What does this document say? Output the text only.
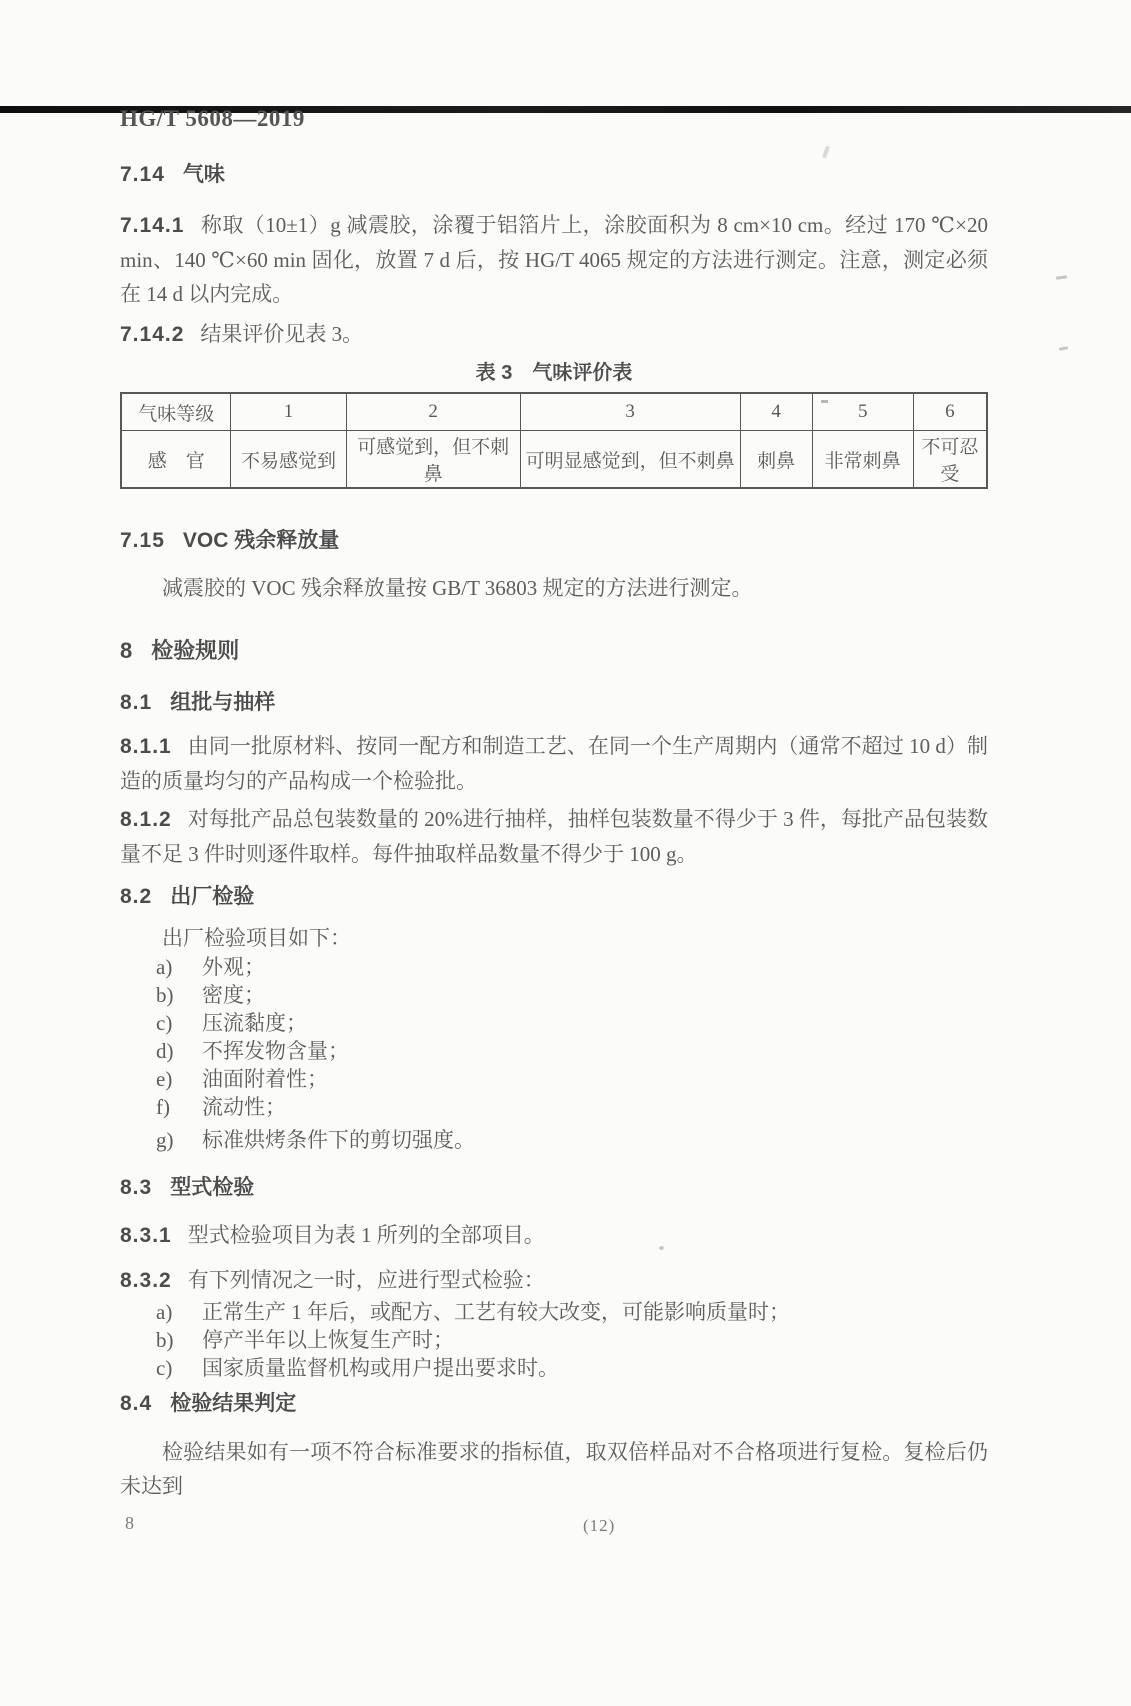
HG/T 5608—2019
7.14 气味

7.14.1 称取（10±1）g 减震胶，涂覆于铝箔片上，涂胶面积为 8 cm×10 cm。经过 170 ℃×20 min、140 ℃×60 min 固化，放置 7 d 后，按 HG/T 4065 规定的方法进行测定。注意，测定必须在 14 d 以内完成。

7.14.2 结果评价见表 3。

表 3　气味评价表
气味等级	1	2	3	4	5	6
感　官	不易感觉到	可感觉到，但不刺鼻	可明显感觉到，但不刺鼻	刺鼻	非常刺鼻	不可忍受
7.15 VOC 残余释放量

减震胶的 VOC 残余释放量按 GB/T 36803 规定的方法进行测定。

8 检验规则
8.1 组批与抽样

8.1.1 由同一批原材料、按同一配方和制造工艺、在同一个生产周期内（通常不超过 10 d）制造的质量均匀的产品构成一个检验批。

8.1.2 对每批产品总包装数量的 20%进行抽样，抽样包装数量不得少于 3 件，每批产品包装数量不足 3 件时则逐件取样。每件抽取样品数量不得少于 100 g。

8.2 出厂检验

出厂检验项目如下：

a) 外观；
b) 密度；
c) 压流黏度；
d) 不挥发物含量；
e) 油面附着性；
f) 流动性；
g) 标准烘烤条件下的剪切强度。
8.3 型式检验

8.3.1 型式检验项目为表 1 所列的全部项目。

8.3.2 有下列情况之一时，应进行型式检验：

a) 正常生产 1 年后，或配方、工艺有较大改变，可能影响质量时；
b) 停产半年以上恢复生产时；
c) 国家质量监督机构或用户提出要求时。
8.4 检验结果判定

检验结果如有一项不符合标准要求的指标值，取双倍样品对不合格项进行复检。复检后仍未达到

8	(12)
